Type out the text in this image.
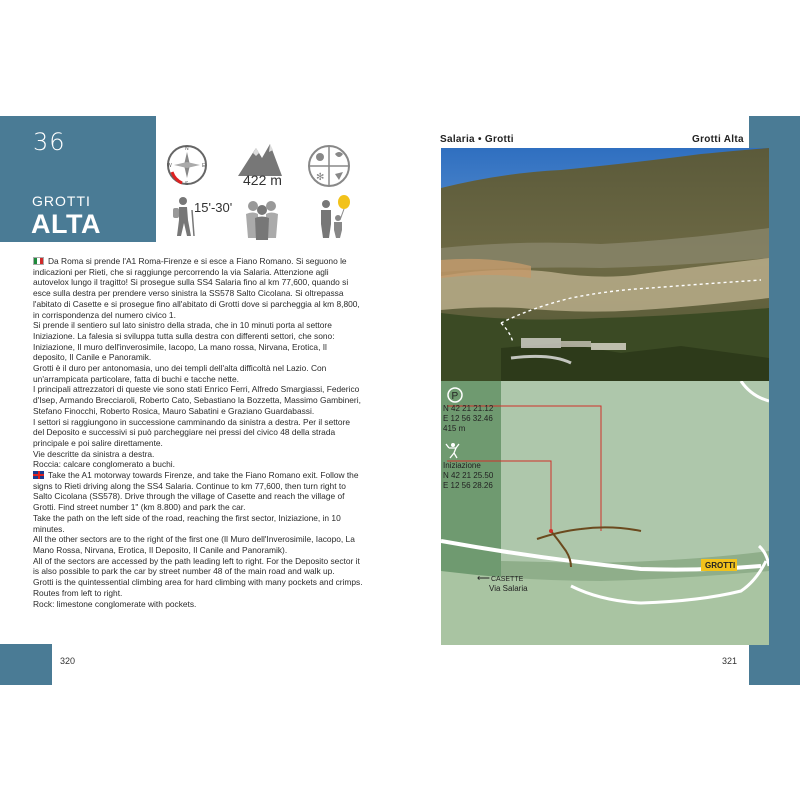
36
GROTTI
ALTA
N
E
W
S	422 m	✻
15'-30'

Da Roma si prende l'A1 Roma-Firenze e si esce a Fiano Romano. Si seguono le indicazioni per Rieti, che si raggiunge percorrendo la via Salaria. Attenzione agli autovelox lungo il tragitto! Si prosegue sulla SS4 Salaria fino al km 77,600, quando si esce sulla destra per prendere verso sinistra la SS578 Salto Cicolana. Si oltrepassa l'abitato di Casette e si prosegue fino all'abitato di Grotti dove si parcheggia al km 8,800, in corrispondenza del numero civico 1.

Si prende il sentiero sul lato sinistro della strada, che in 10 minuti porta al settore Iniziazione. La falesia si sviluppa tutta sulla destra con differenti settori, che sono: Iniziazione, Il muro dell'inverosimile, Iacopo, La mano rossa, Nirvana, Erotica, Il deposito, Il Canile e Panoramik.

Grotti è il duro per antonomasia, uno dei templi dell'alta difficoltà nel Lazio. Con un'arrampicata particolare, fatta di buchi e tacche nette.

I principali attrezzatori di queste vie sono stati Enrico Ferri, Alfredo Smargiassi, Federico d'Isep, Armando Brecciaroli, Roberto Cato, Sebastiano la Bozzetta, Massimo Gambineri, Stefano Finocchi, Roberto Rosica, Mauro Sabatini e Graziano Guardabassi.

I settori si raggiungono in successione camminando da sinistra a destra. Per il settore del Deposito e successivi si può parcheggiare nei pressi del civico 48 della strada principale e poi salire direttamente.

Vie descritte da sinistra a destra.

Roccia: calcare conglomerato a buchi.

Take the A1 motorway towards Firenze, and take the Fiano Romano exit. Follow the signs to Rieti driving along the SS4 Salaria. Continue to km 77,600, then turn right to Salto Cicolana (SS578). Drive through the village of Casette and reach the village of Grotti. Find street number 1" (km 8.800) and park the car.

Take the path on the left side of the road, reaching the first sector, Iniziazione, in 10 minutes.

All the other sectors are to the right of the first one (Il Muro dell'Inverosimile, Iacopo, La Mano Rossa, Nirvana, Erotica, Il Deposito, Il Canile and Panoramik).

All of the sectors are accessed by the path leading left to right. For the Deposito sector it is also possible to park the car by street number 48 of the main road and walk up.

Grotti is the quintessential climbing area for hard climbing with many pockets and crimps.

Routes from left to right.

Rock: limestone conglomerate with pockets.

320
Salaria • Grotti	Grotti Alta
P
N 42 21 21.12
E 12 56 32.46
415 m
Iniziazione
N 42 21 25.50
E 12 56 28.26
GROTTI
⟵ CASETTE
Via Salaria
321
